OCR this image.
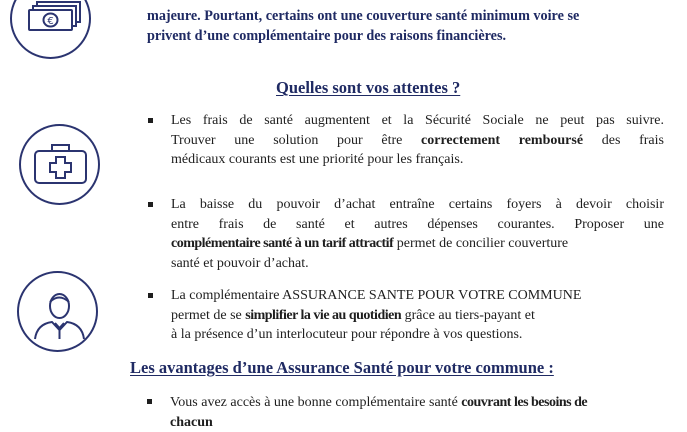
€	majeure. Pourtant, certains ont une couverture santé minimum voire se
privent d’une complémentaire pour des raisons financières.
Quelles sont vos attentes ?
Les frais de santé augmentent et la Sécurité Sociale ne peut pas suivre.
Trouver une solution pour être correctement remboursé des frais
médicaux courants est une priorité pour les français.
La baisse du pouvoir d’achat entraîne certains foyers à devoir choisir
entre frais de santé et autres dépenses courantes. Proposer une
complémentaire santé à un tarif attractif permet de concilier couverture
santé et pouvoir d’achat.
La complémentaire ASSURANCE SANTE POUR VOTRE COMMUNE
permet de se simplifier la vie au quotidien grâce au tiers-payant et
à la présence d’un interlocuteur pour répondre à vos questions.
Les avantages d’une Assurance Santé pour votre commune :
Vous avez accès à une bonne complémentaire santé couvrant les besoins de
chacun
